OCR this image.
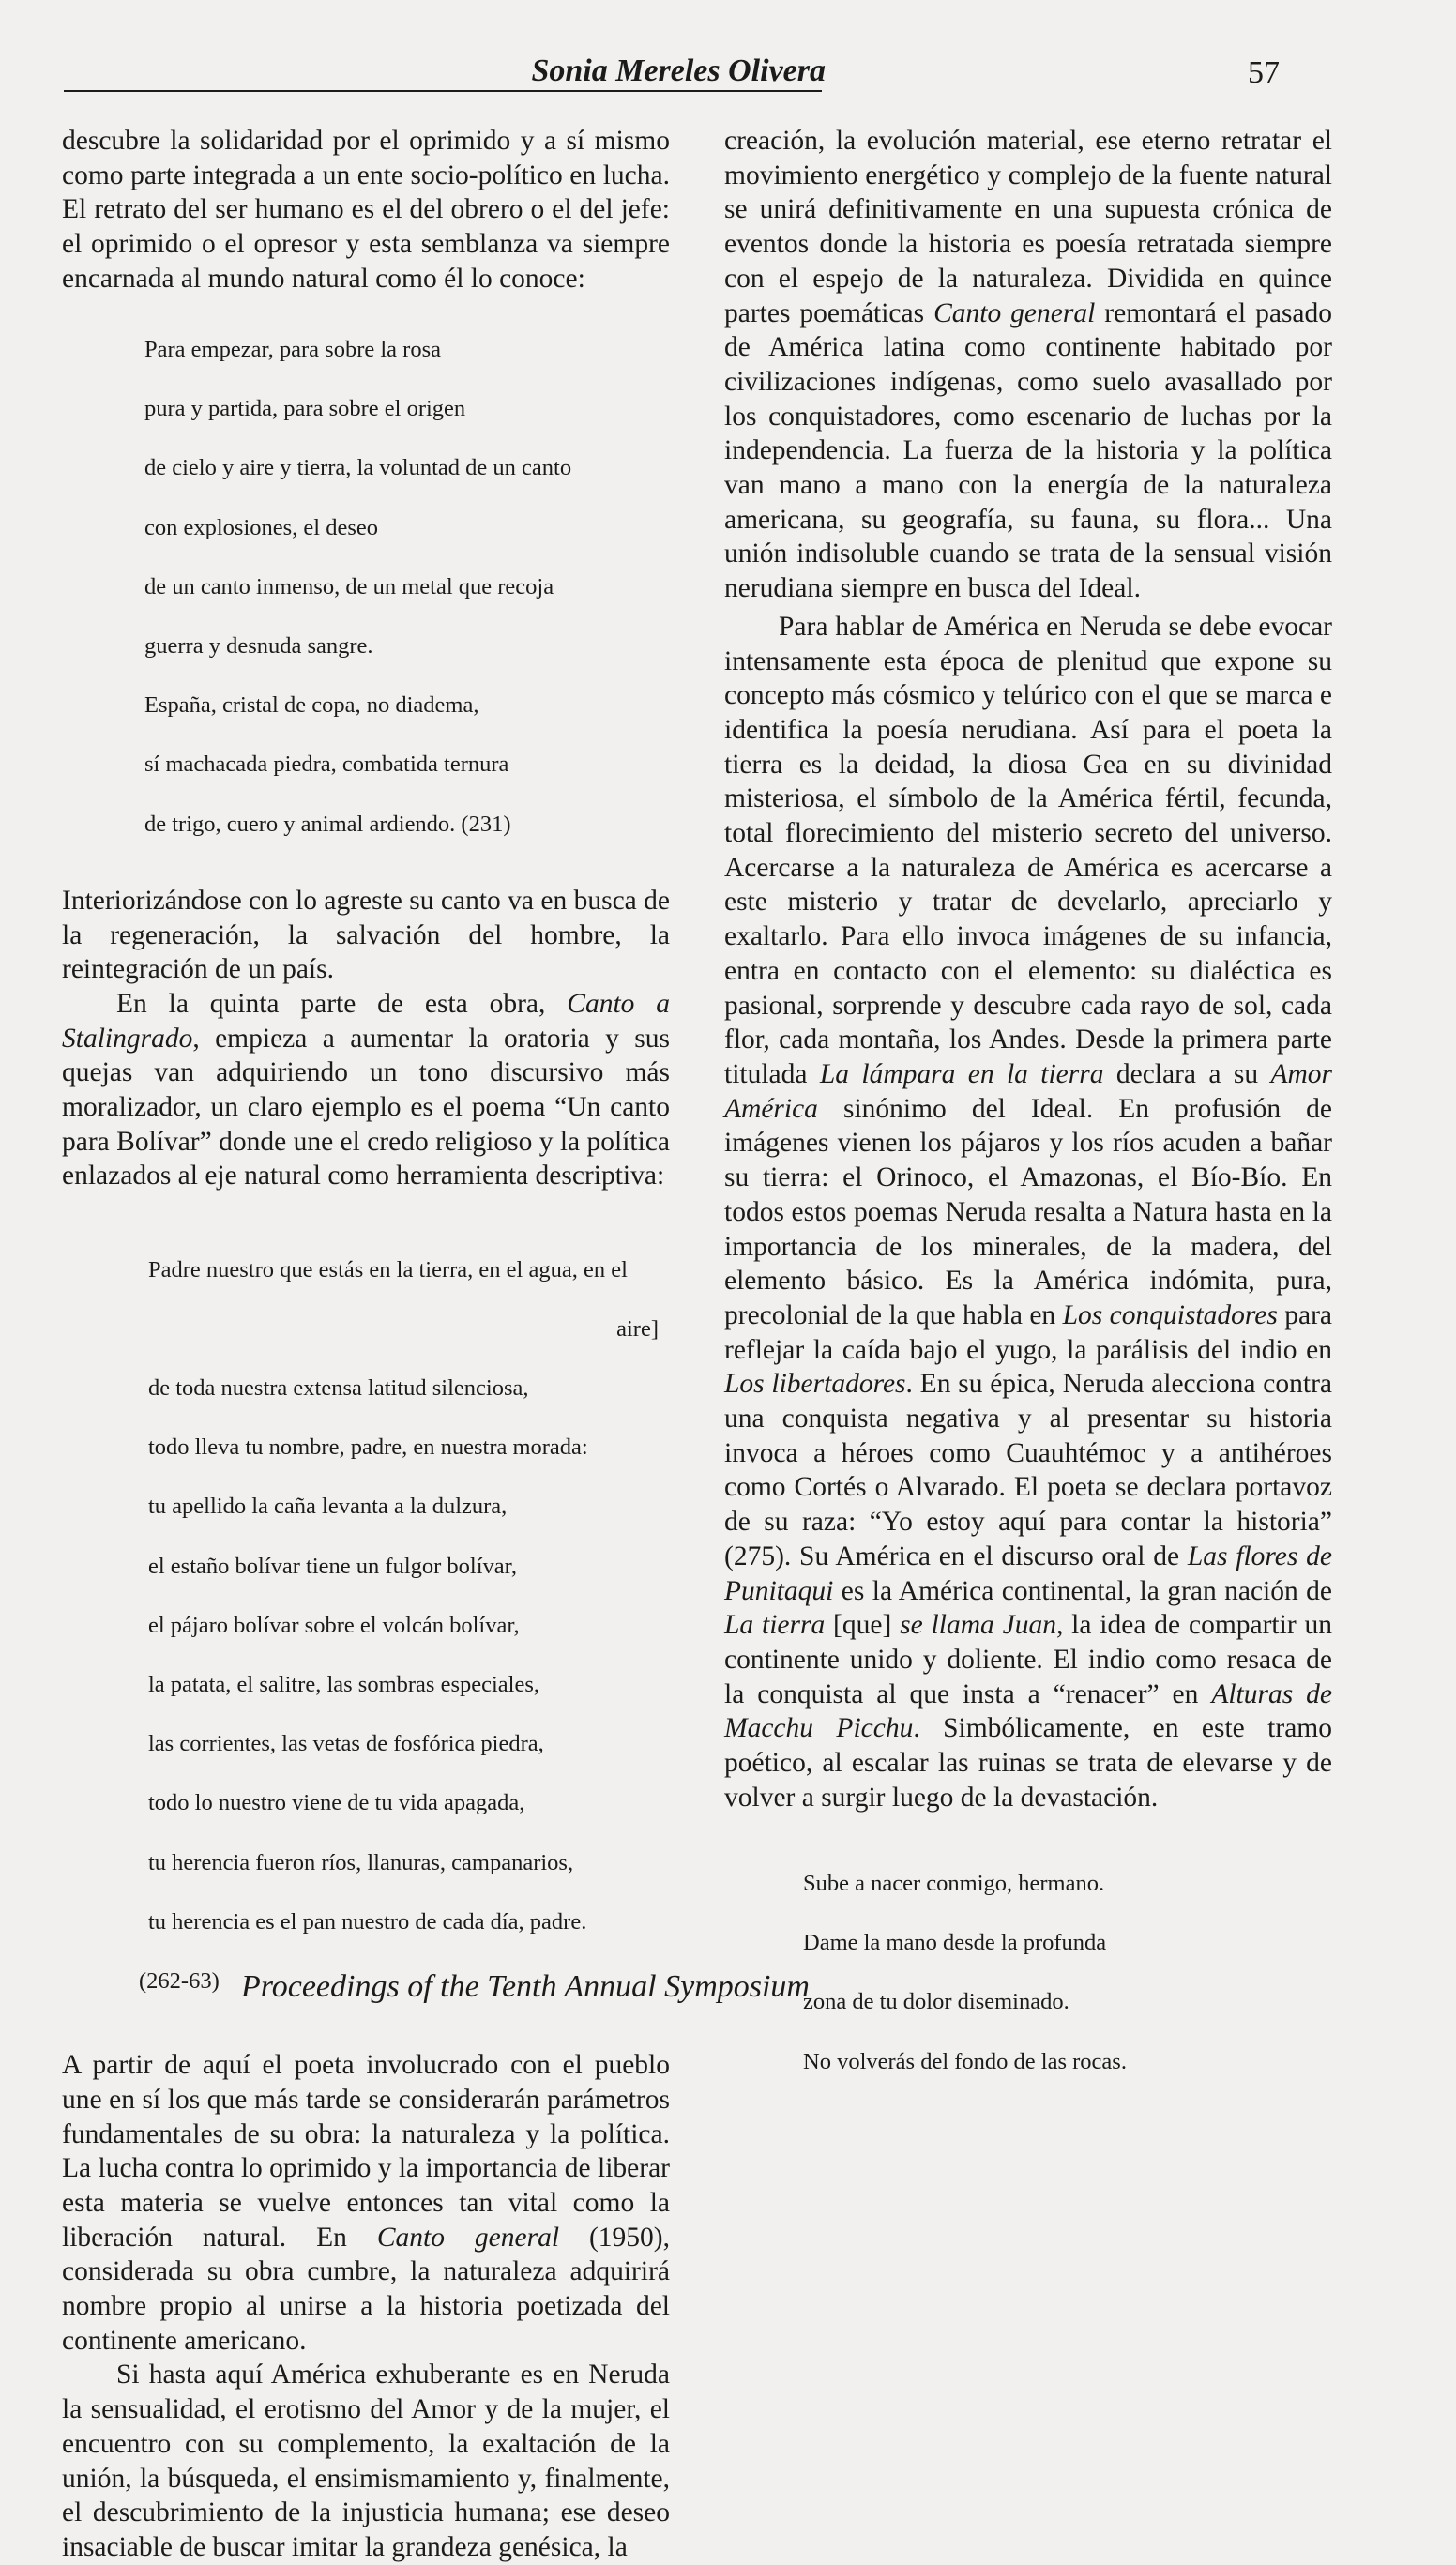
Sonia Mereles Olivera	57

descubre la solidaridad por el oprimido y a sí mismo como parte integrada a un ente socio-político en lucha. El retrato del ser humano es el del obrero o el del jefe: el oprimido o el opresor y esta semblanza va siempre encarnada al mundo natural como él lo conoce:

Para empezar, para sobre la rosa

pura y partida, para sobre el origen

de cielo y aire y tierra, la voluntad de un canto

con explosiones, el deseo

de un canto inmenso, de un metal que recoja

guerra y desnuda sangre.

España, cristal de copa, no diadema,

sí machacada piedra, combatida ternura

de trigo, cuero y animal ardiendo. (231)

Interiorizándose con lo agreste su canto va en busca de la regeneración, la salvación del hombre, la reintegración de un país.

En la quinta parte de esta obra, Canto a Stalingrado, empieza a aumentar la oratoria y sus quejas van adquiriendo un tono discursivo más moralizador, un claro ejemplo es el poema “Un canto para Bolívar” donde une el credo religioso y la política enlazados al eje natural como herramienta descriptiva:

Padre nuestro que estás en la tierra, en el agua, en el

aire]

de toda nuestra extensa latitud silenciosa,

todo lleva tu nombre, padre, en nuestra morada:

tu apellido la caña levanta a la dulzura,

el estaño bolívar tiene un fulgor bolívar,

el pájaro bolívar sobre el volcán bolívar,

la patata, el salitre, las sombras especiales,

las corrientes, las vetas de fosfórica piedra,

todo lo nuestro viene de tu vida apagada,

tu herencia fueron ríos, llanuras, campanarios,

tu herencia es el pan nuestro de cada día, padre.

(262-63)

A partir de aquí el poeta involucrado con el pueblo une en sí los que más tarde se considerarán parámetros fundamentales de su obra: la naturaleza y la política. La lucha contra lo oprimido y la importancia de liberar esta materia se vuelve entonces tan vital como la liberación natural. En Canto general (1950), considerada su obra cumbre, la naturaleza adquirirá nombre propio al unirse a la historia poetizada del continente americano.

Si hasta aquí América exhuberante es en Neruda la sensualidad, el erotismo del Amor y de la mujer, el encuentro con su complemento, la exaltación de la unión, la búsqueda, el ensimismamiento y, finalmente, el descubrimiento de la injusticia humana; ese deseo insaciable de buscar imitar la grandeza genésica, la

creación, la evolución material, ese eterno retratar el movimiento energético y complejo de la fuente natural se unirá definitivamente en una supuesta crónica de eventos donde la historia es poesía retratada siempre con el espejo de la naturaleza. Dividida en quince partes poemáticas Canto general remontará el pasado de América latina como continente habitado por civilizaciones indígenas, como suelo avasallado por los conquistadores, como escenario de luchas por la independencia. La fuerza de la historia y la política van mano a mano con la energía de la naturaleza americana, su geografía, su fauna, su flora... Una unión indisoluble cuando se trata de la sensual visión nerudiana siempre en busca del Ideal.

Para hablar de América en Neruda se debe evocar intensamente esta época de plenitud que expone su concepto más cósmico y telúrico con el que se marca e identifica la poesía nerudiana. Así para el poeta la tierra es la deidad, la diosa Gea en su divinidad misteriosa, el símbolo de la América fértil, fecunda, total florecimiento del misterio secreto del universo. Acercarse a la naturaleza de América es acercarse a este misterio y tratar de develarlo, apreciarlo y exaltarlo. Para ello invoca imágenes de su infancia, entra en contacto con el elemento: su dialéctica es pasional, sorprende y descubre cada rayo de sol, cada flor, cada montaña, los Andes. Desde la primera parte titulada La lámpara en la tierra declara a su Amor América sinónimo del Ideal. En profusión de imágenes vienen los pájaros y los ríos acuden a bañar su tierra: el Orinoco, el Amazonas, el Bío-Bío. En todos estos poemas Neruda resalta a Natura hasta en la importancia de los minerales, de la madera, del elemento básico. Es la América indómita, pura, precolonial de la que habla en Los conquistadores para reflejar la caída bajo el yugo, la parálisis del indio en Los libertadores. En su épica, Neruda alecciona contra una conquista negativa y al presentar su historia invoca a héroes como Cuauhtémoc y a antihéroes como Cortés o Alvarado. El poeta se declara portavoz de su raza: “Yo estoy aquí para contar la historia” (275). Su América en el discurso oral de Las flores de Punitaqui es la América continental, la gran nación de La tierra [que] se llama Juan, la idea de compartir un continente unido y doliente. El indio como resaca de la conquista al que insta a “renacer” en Alturas de Macchu Picchu. Simbólicamente, en este tramo poético, al escalar las ruinas se trata de elevarse y de volver a surgir luego de la devastación.

Sube a nacer conmigo, hermano.

Dame la mano desde la profunda

zona de tu dolor diseminado.

No volverás del fondo de las rocas.

Proceedings of the Tenth Annual Symposium
